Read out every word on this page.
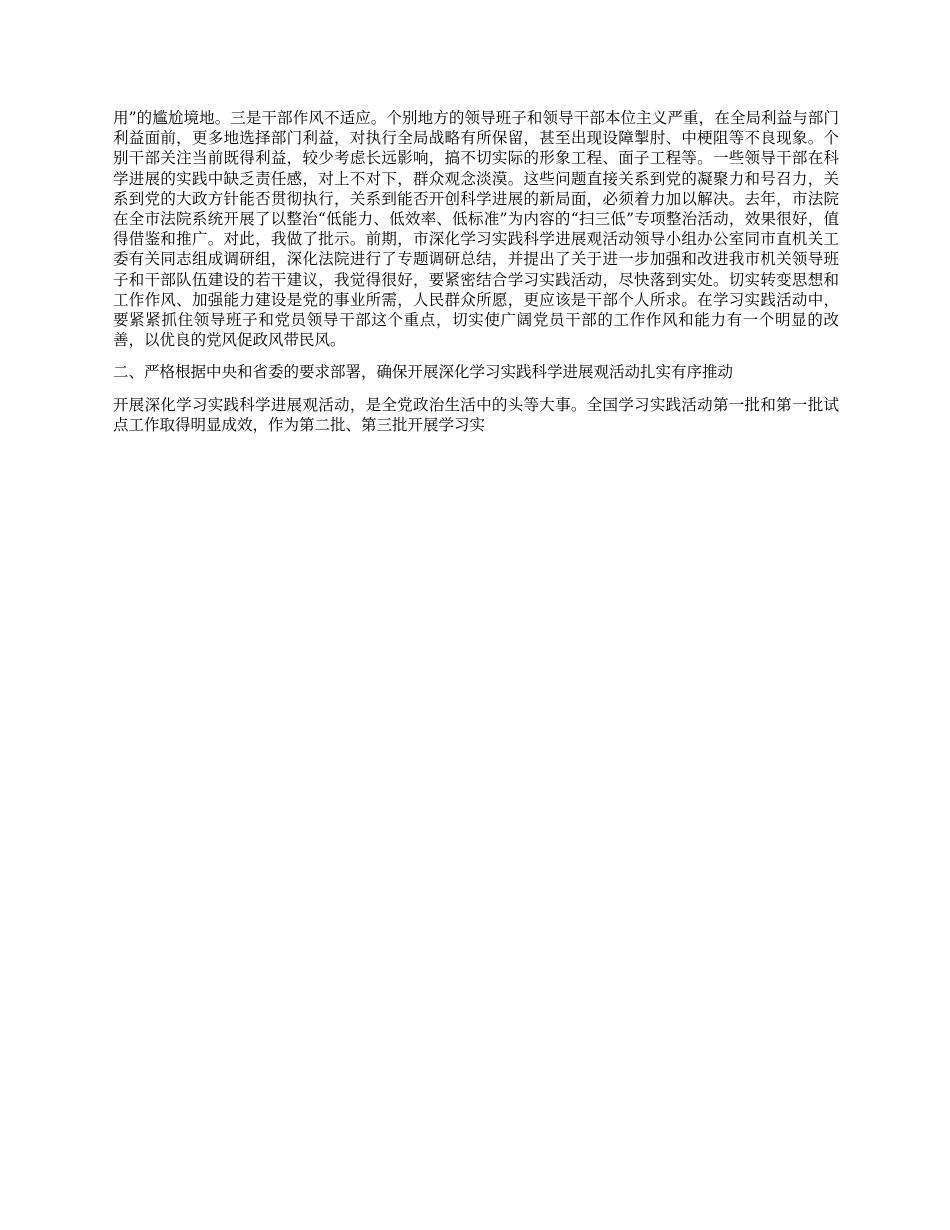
用”的尴尬境地。三是干部作风不适应。个别地方的领导班子和领导干部本位主义严重，在全局利益与部门利益面前，更多地选择部门利益，对执行全局战略有所保留，甚至出现设障掣肘、中梗阻等不良现象。个别干部关注当前既得利益，较少考虑长远影响，搞不切实际的形象工程、面子工程等。一些领导干部在科学进展的实践中缺乏责任感，对上不对下，群众观念淡漠。这些问题直接关系到党的凝聚力和号召力，关系到党的大政方针能否贯彻执行，关系到能否开创科学进展的新局面，必须着力加以解决。去年，市法院在全市法院系统开展了以整治“低能力、低效率、低标准”为内容的“扫三低”专项整治活动，效果很好，值得借鉴和推广。对此，我做了批示。前期，市深化学习实践科学进展观活动领导小组办公室同市直机关工委有关同志组成调研组，深化法院进行了专题调研总结，并提出了关于进一步加强和改进我市机关领导班子和干部队伍建设的若干建议，我觉得很好，要紧密结合学习实践活动，尽快落到实处。切实转变思想和工作作风、加强能力建设是党的事业所需，人民群众所愿，更应该是干部个人所求。在学习实践活动中，要紧紧抓住领导班子和党员领导干部这个重点，切实使广阔党员干部的工作作风和能力有一个明显的改善，以优良的党风促政风带民风。

二、严格根据中央和省委的要求部署，确保开展深化学习实践科学进展观活动扎实有序推动

开展深化学习实践科学进展观活动，是全党政治生活中的头等大事。全国学习实践活动第一批和第一批试点工作取得明显成效，作为第二批、第三批开展学习实
